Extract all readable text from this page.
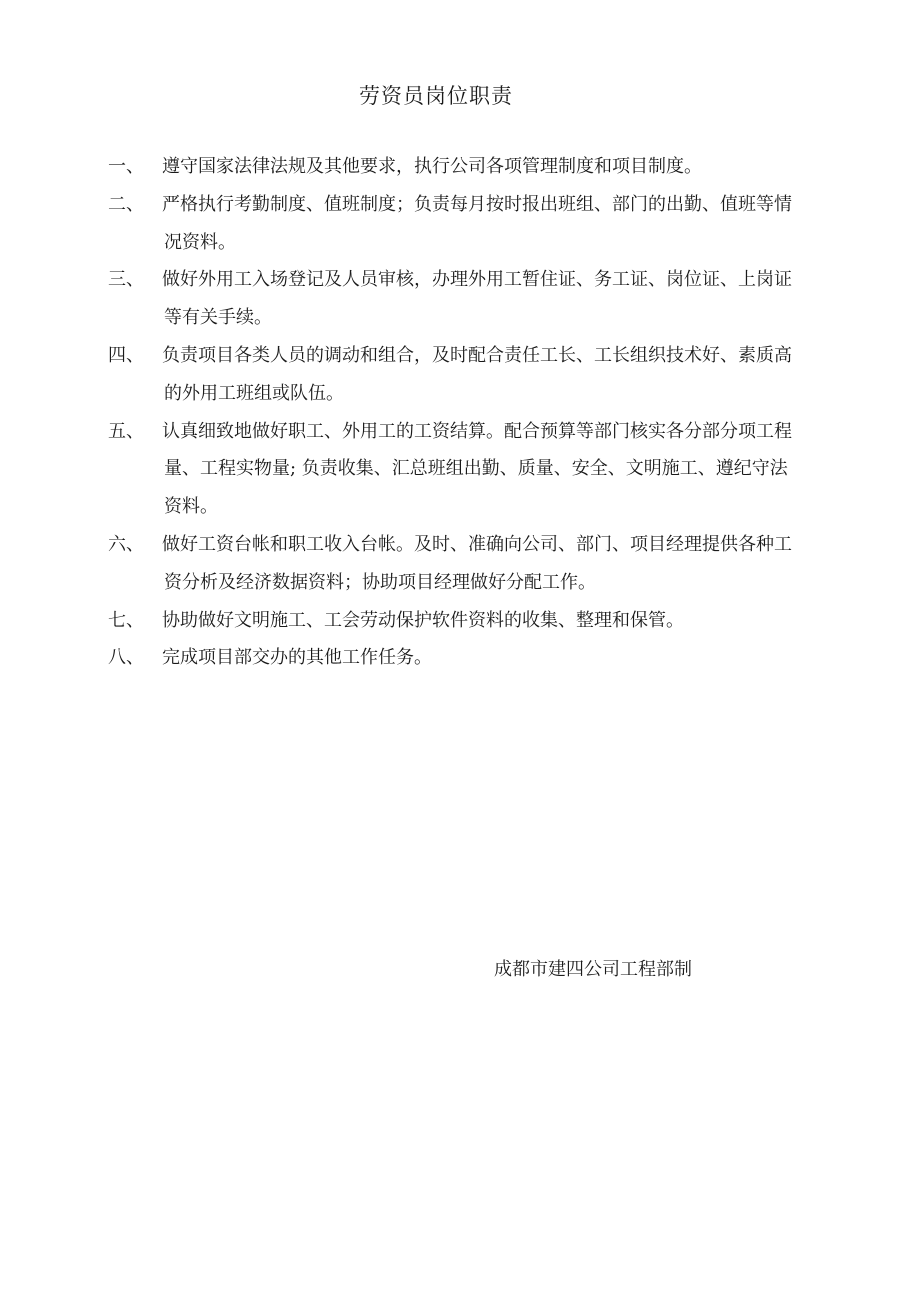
劳资员岗位职责
一、	遵守国家法律法规及其他要求，执行公司各项管理制度和项目制度。
二、	严格执行考勤制度、值班制度；负责每月按时报出班组、部门的出勤、值班等情
况资料。
三、	做好外用工入场登记及人员审核，办理外用工暂住证、务工证、岗位证、上岗证
等有关手续。
四、	负责项目各类人员的调动和组合，及时配合责任工长、工长组织技术好、素质高
的外用工班组或队伍。
五、	认真细致地做好职工、外用工的工资结算。配合预算等部门核实各分部分项工程
量、工程实物量; 负责收集、汇总班组出勤、质量、安全、文明施工、遵纪守法
资料。
六、	做好工资台帐和职工收入台帐。及时、准确向公司、部门、项目经理提供各种工
资分析及经济数据资料；协助项目经理做好分配工作。
七、	协助做好文明施工、工会劳动保护软件资料的收集、整理和保管。
八、	完成项目部交办的其他工作任务。
成都市建四公司工程部制
